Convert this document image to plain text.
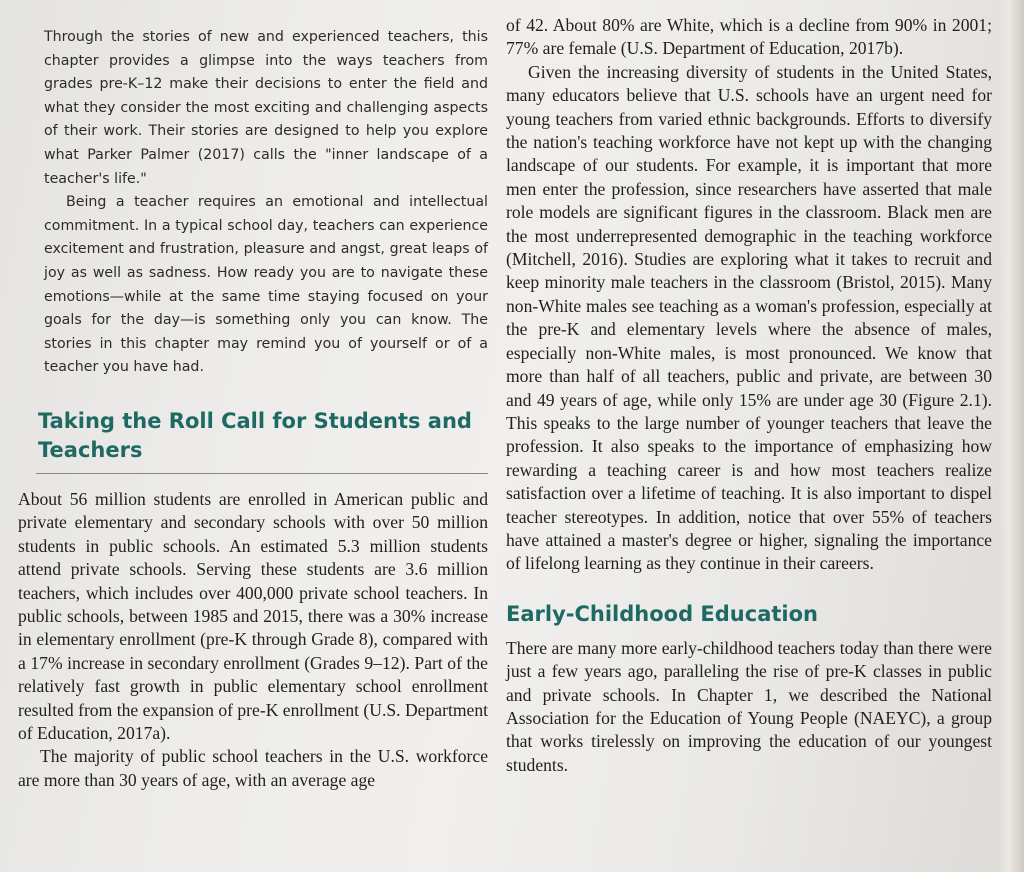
Through the stories of new and experienced teachers, this chapter provides a glimpse into the ways teachers from grades pre-K–12 make their decisions to enter the field and what they consider the most exciting and challenging aspects of their work. Their stories are designed to help you explore what Parker Palmer (2017) calls the "inner landscape of a teacher's life."

Being a teacher requires an emotional and intellectual commitment. In a typical school day, teachers can experience excitement and frustration, pleasure and angst, great leaps of joy as well as sadness. How ready you are to navigate these emotions—while at the same time staying focused on your goals for the day—is something only you can know. The stories in this chapter may remind you of yourself or of a teacher you have had.

Taking the Roll Call for Students and Teachers

About 56 million students are enrolled in American public and private elementary and secondary schools with over 50 million students in public schools. An estimated 5.3 million students attend private schools. Serving these students are 3.6 million teachers, which includes over 400,000 private school teachers. In public schools, between 1985 and 2015, there was a 30% increase in elementary enrollment (pre-K through Grade 8), compared with a 17% increase in secondary enrollment (Grades 9–12). Part of the relatively fast growth in public elementary school enrollment resulted from the expansion of pre-K enrollment (U.S. Department of Education, 2017a).

The majority of public school teachers in the U.S. workforce are more than 30 years of age, with an average age

of 42. About 80% are White, which is a decline from 90% in 2001; 77% are female (U.S. Department of Education, 2017b).

Given the increasing diversity of students in the United States, many educators believe that U.S. schools have an urgent need for young teachers from varied ethnic backgrounds. Efforts to diversify the nation's teaching workforce have not kept up with the changing landscape of our students. For example, it is important that more men enter the profession, since researchers have asserted that male role models are significant figures in the classroom. Black men are the most underrepresented demographic in the teaching workforce (Mitchell, 2016). Studies are exploring what it takes to recruit and keep minority male teachers in the classroom (Bristol, 2015). Many non-White males see teaching as a woman's profession, especially at the pre-K and elementary levels where the absence of males, especially non-White males, is most pronounced. We know that more than half of all teachers, public and private, are between 30 and 49 years of age, while only 15% are under age 30 (Figure 2.1). This speaks to the large number of younger teachers that leave the profession. It also speaks to the importance of emphasizing how rewarding a teaching career is and how most teachers realize satisfaction over a lifetime of teaching. It is also important to dispel teacher stereotypes. In addition, notice that over 55% of teachers have attained a master's degree or higher, signaling the importance of lifelong learning as they continue in their careers.

Early-Childhood Education

There are many more early-childhood teachers today than there were just a few years ago, paralleling the rise of pre-K classes in public and private schools. In Chapter 1, we described the National Association for the Education of Young People (NAEYC), a group that works tirelessly on improving the education of our youngest students.
